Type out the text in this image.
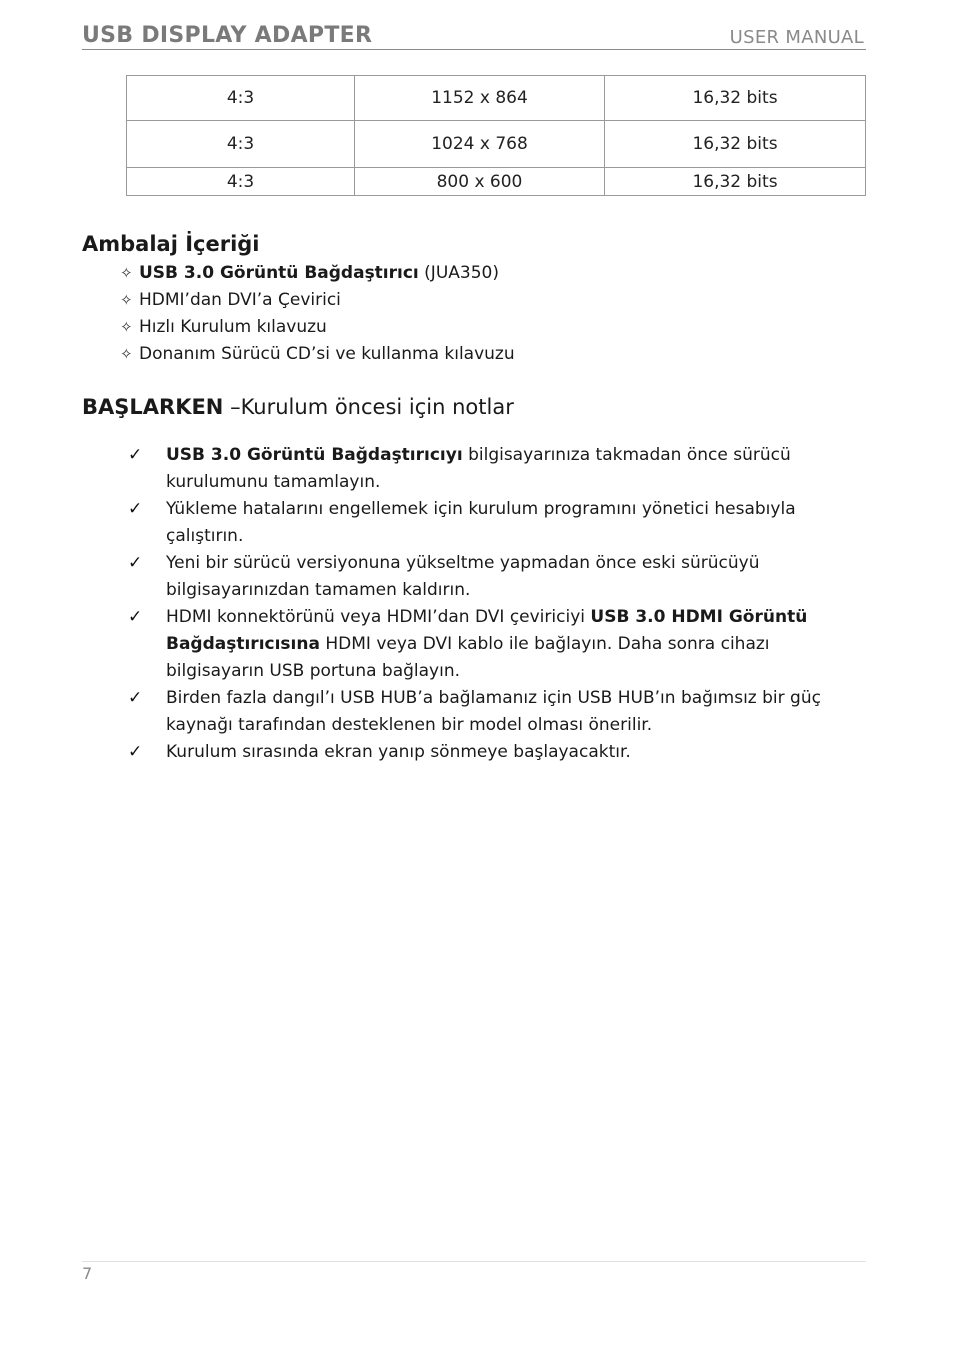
USB DISPLAY ADAPTER	USER MANUAL
4:3	1152 x 864	16,32 bits
4:3	1024 x 768	16,32 bits
4:3	800 x 600	16,32 bits
Ambalaj İçeriği
✧ USB 3.0 Görüntü Bağdaştırıcı (JUA350)
✧ HDMI’dan DVI’a Çevirici
✧ Hızlı Kurulum kılavuzu
✧ Donanım Sürücü CD’si ve kullanma kılavuzu
BAŞLARKEN –Kurulum öncesi için notlar
✓ USB 3.0 Görüntü Bağdaştırıcıyı bilgisayarınıza takmadan önce sürücü kurulumunu tamamlayın.
✓ Yükleme hatalarını engellemek için kurulum programını yönetici hesabıyla çalıştırın.
✓ Yeni bir sürücü versiyonuna yükseltme yapmadan önce eski sürücüyü bilgisayarınızdan tamamen kaldırın.
✓ HDMI konnektörünü veya HDMI’dan DVI çeviriciyi USB 3.0 HDMI Görüntü Bağdaştırıcısına HDMI veya DVI kablo ile bağlayın. Daha sonra cihazı bilgisayarın USB portuna bağlayın.
✓ Birden fazla dangıl’ı USB HUB’a bağlamanız için USB HUB’ın bağımsız bir güç kaynağı tarafından desteklenen bir model olması önerilir.
✓ Kurulum sırasında ekran yanıp sönmeye başlayacaktır.
7
